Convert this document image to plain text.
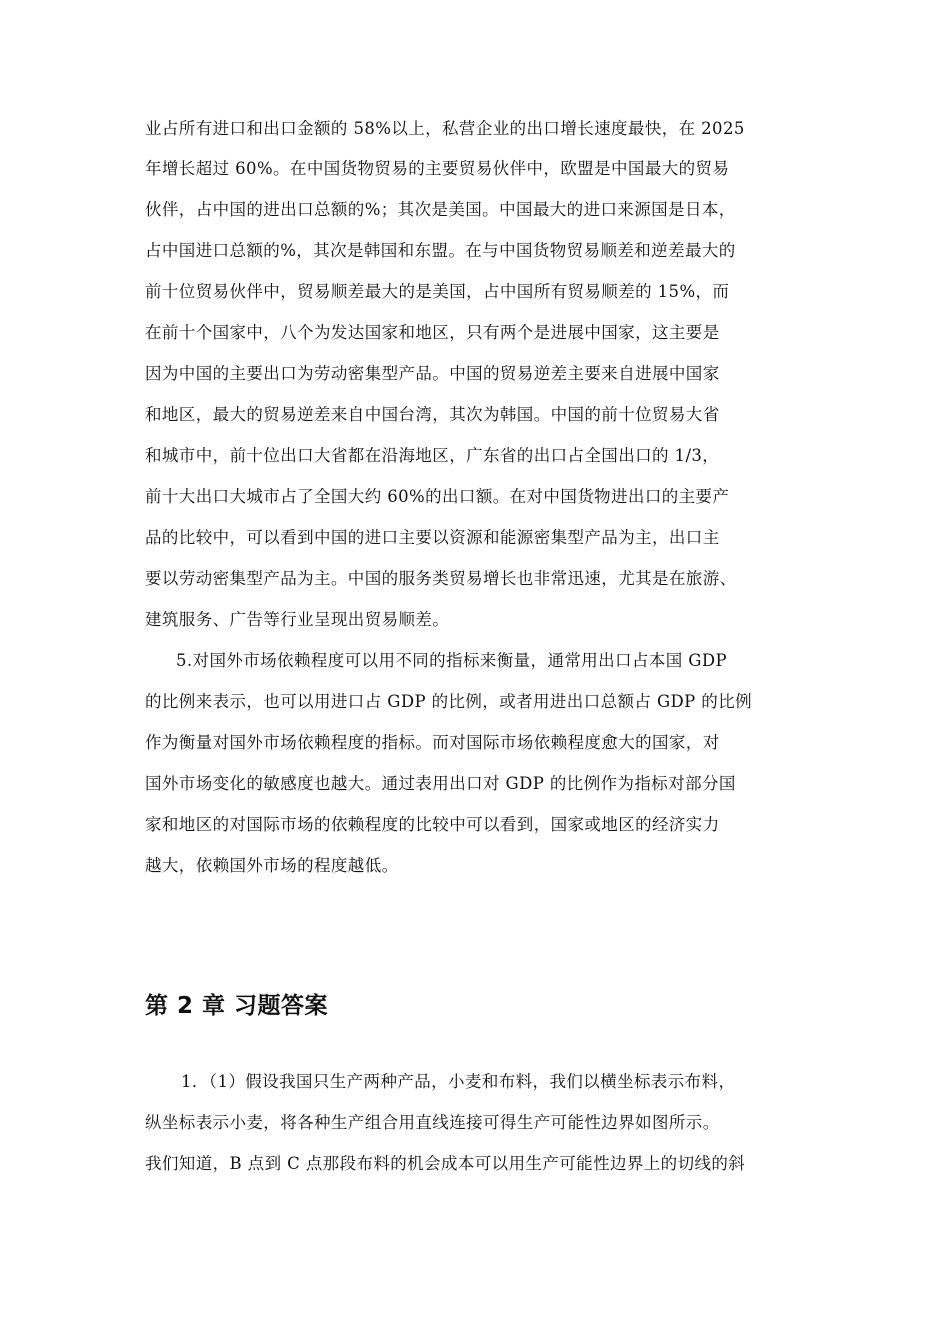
业占所有进口和出口金额的 58%以上，私营企业的出口增长速度最快，在 2025
年增长超过 60%。在中国货物贸易的主要贸易伙伴中，欧盟是中国最大的贸易
伙伴，占中国的进出口总额的%；其次是美国。中国最大的进口来源国是日本，
占中国进口总额的%，其次是韩国和东盟。在与中国货物贸易顺差和逆差最大的
前十位贸易伙伴中，贸易顺差最大的是美国，占中国所有贸易顺差的 15%，而
在前十个国家中，八个为发达国家和地区，只有两个是进展中国家，这主要是
因为中国的主要出口为劳动密集型产品。中国的贸易逆差主要来自进展中国家
和地区，最大的贸易逆差来自中国台湾，其次为韩国。中国的前十位贸易大省
和城市中，前十位出口大省都在沿海地区，广东省的出口占全国出口的 1/3，
前十大出口大城市占了全国大约 60%的出口额。在对中国货物进出口的主要产
品的比较中，可以看到中国的进口主要以资源和能源密集型产品为主，出口主
要以劳动密集型产品为主。中国的服务类贸易增长也非常迅速，尤其是在旅游、
建筑服务、广告等行业呈现出贸易顺差。
5.对国外市场依赖程度可以用不同的指标来衡量，通常用出口占本国 GDP
的比例来表示，也可以用进口占 GDP 的比例，或者用进出口总额占 GDP 的比例
作为衡量对国外市场依赖程度的指标。而对国际市场依赖程度愈大的国家，对
国外市场变化的敏感度也越大。通过表用出口对 GDP 的比例作为指标对部分国
家和地区的对国际市场的依赖程度的比较中可以看到，国家或地区的经济实力
越大，依赖国外市场的程度越低。
第 2 章 习题答案
1．（1）假设我国只生产两种产品，小麦和布料，我们以横坐标表示布料，
纵坐标表示小麦，将各种生产组合用直线连接可得生产可能性边界如图所示。
我们知道，B 点到 C 点那段布料的机会成本可以用生产可能性边界上的切线的斜
